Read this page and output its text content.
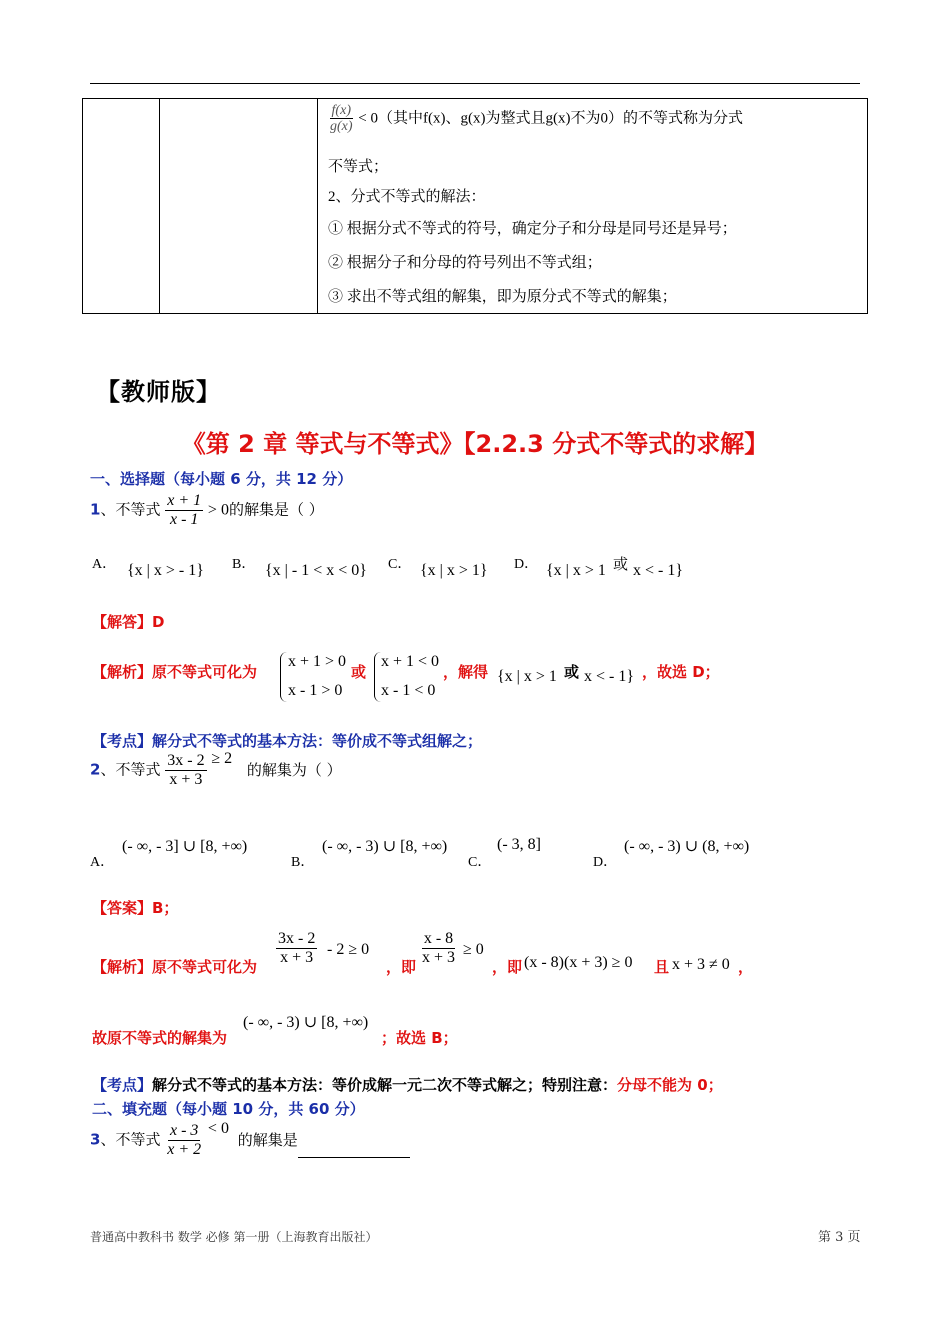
$\frac{f(x)}{g(x)} < 0$（其中f(x)、g(x)为整式且g(x)不为0）的不等式称为分式
不等式；
2、分式不等式的解法：
① 根据分式不等式的符号，确定分子和分母是同号还是异号；
② 根据分子和分母的符号列出不等式组；
③ 求出不等式组的解集，即为原分式不等式的解集；
【教师版】
《第 2 章 等式与不等式》【2.2.3 分式不等式的求解】
一、选择题（每小题 6 分，共 12 分）
1、不等式 $\frac{x + 1}{x - 1} > 0$的解集是（ ）
A． {x | x > - 1} B． {x | - 1 < x < 0} C． {x | x > 1} D． {x | x > 1 或 x < - 1}
【解答】D
【解析】原不等式可化为
x + 1 > 0
x - 1 > 0
或
x + 1 < 0
x - 1 < 0
，解得 {x | x > 1 或 x < - 1} ，故选 D；
【考点】解分式不等式的基本方法：等价成不等式组解之；
2、不等式 $\frac{3x - 2}{x + 3} \ge 2$ 的解集为（ ）
A．
(- ∞, - 3] ∪ [8, +∞)
B．
(- ∞, - 3) ∪ [8, +∞)
C．
(- 3, 8]
D．
(- ∞, - 3) ∪ (8, +∞)
【答案】B；
【解析】原不等式可化为
$\frac{3x - 2}{x + 3} - 2 \ge 0$
，即
$\frac{x - 8}{x + 3} \ge 0$
，即 (x - 8)(x + 3) ≥ 0 且 x + 3 ≠ 0 ，
故原不等式的解集为
(- ∞, - 3) ∪ [8, +∞)
；故选 B；
【考点】解分式不等式的基本方法：等价成解一元二次不等式解之；特别注意：分母不能为 0；
二、填充题（每小题 10 分，共 60 分）
3、不等式 $\frac{x - 3}{x + 2} < 0$ 的解集是
普通高中教科书 数学 必修 第一册（上海教育出版社）	第 3 页
